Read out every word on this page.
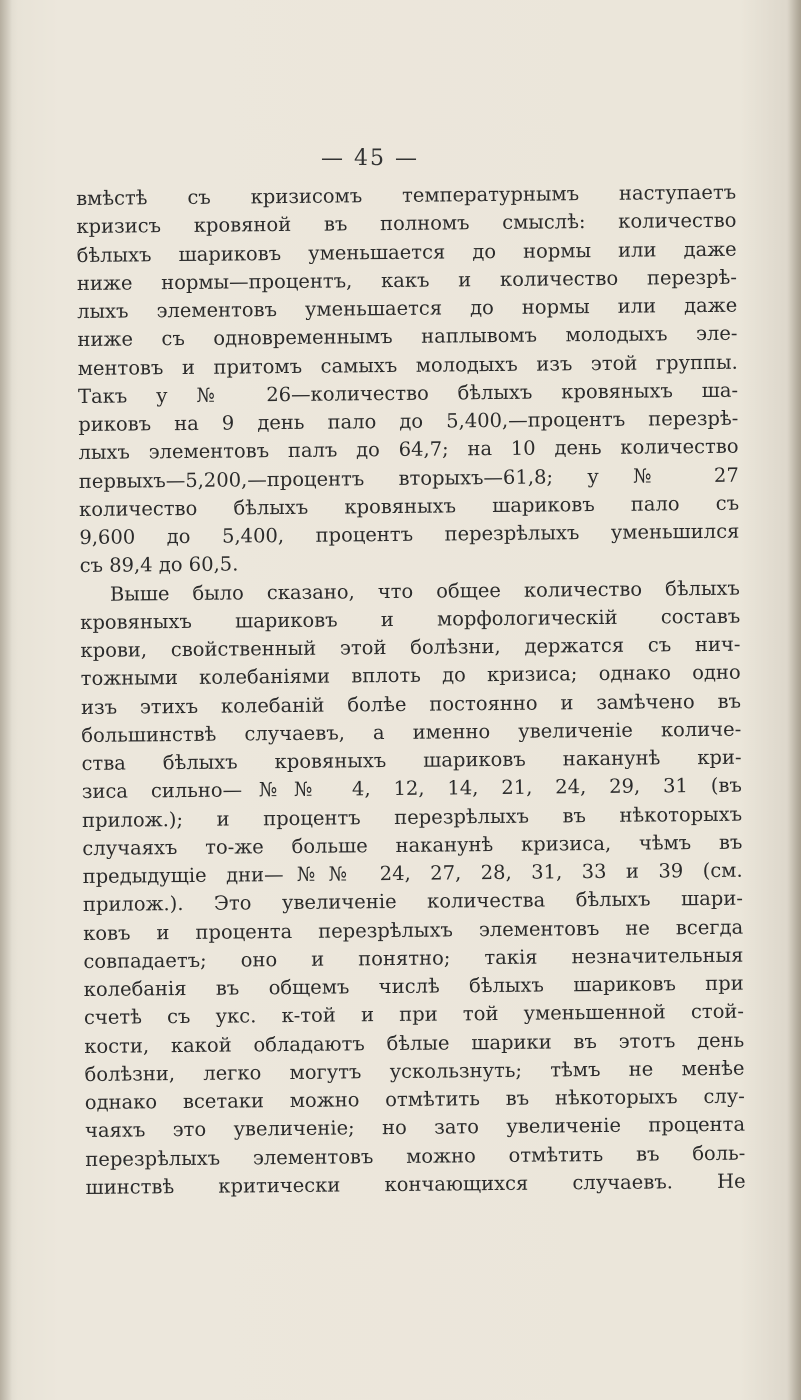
— 45 —
вмѣстѣ съ кризисомъ температурнымъ наступаетъ
кризисъ кровяной въ полномъ смыслѣ: количество
бѣлыхъ шариковъ уменьшается до нормы или даже
ниже нормы—процентъ, какъ и количество перезрѣ-
лыхъ элементовъ уменьшается до нормы или даже
ниже съ одновременнымъ наплывомъ молодыхъ эле-
ментовъ и притомъ самыхъ молодыхъ изъ этой группы.
Такъ у № 26—количество бѣлыхъ кровяныхъ ша-
риковъ на 9 день пало до 5,400,—процентъ перезрѣ-
лыхъ элементовъ палъ до 64,7; на 10 день количество
первыхъ—5,200,—процентъ вторыхъ—61,8; у № 27
количество бѣлыхъ кровяныхъ шариковъ пало съ
9,600 до 5,400, процентъ перезрѣлыхъ уменьшился
съ 89,4 до 60,5.
Выше было сказано, что общее количество бѣлыхъ
кровяныхъ шариковъ и морфологическій составъ
крови, свойственный этой болѣзни, держатся съ нич-
тожными колебаніями вплоть до кризиса; однако одно
изъ этихъ колебаній болѣе постоянно и замѣчено въ
большинствѣ случаевъ, а именно увеличеніе количе-
ства бѣлыхъ кровяныхъ шариковъ наканунѣ кри-
зиса сильно—№№ 4, 12, 14, 21, 24, 29, 31 (въ
прилож.); и процентъ перезрѣлыхъ въ нѣкоторыхъ
случаяхъ то-же больше наканунѣ кризиса, чѣмъ въ
предыдущіе дни—№№ 24, 27, 28, 31, 33 и 39 (см.
прилож.). Это увеличеніе количества бѣлыхъ шари-
ковъ и процента перезрѣлыхъ элементовъ не всегда
совпадаетъ; оно и понятно; такія незначительныя
колебанія въ общемъ числѣ бѣлыхъ шариковъ при
счетѣ съ укс. к-той и при той уменьшенной стой-
кости, какой обладаютъ бѣлые шарики въ этотъ день
болѣзни, легко могутъ ускользнуть; тѣмъ не менѣе
однако всетаки можно отмѣтить въ нѣкоторыхъ слу-
чаяхъ это увеличеніе; но зато увеличеніе процента
перезрѣлыхъ элементовъ можно отмѣтить въ боль-
шинствѣ критически кончающихся случаевъ. Не
